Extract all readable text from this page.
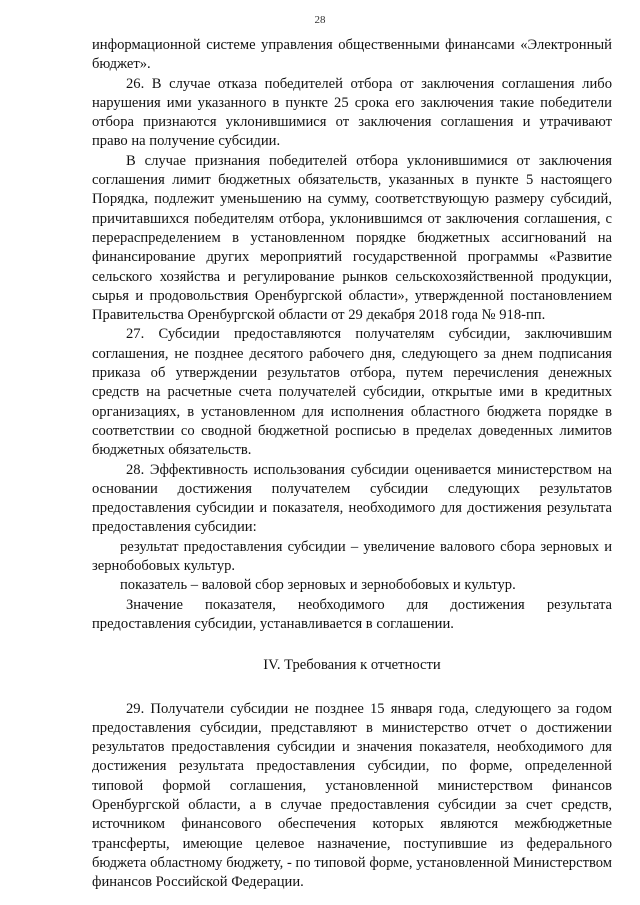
28

информационной системе управления общественными финансами «Электронный бюджет».

26. В случае отказа победителей отбора от заключения соглашения либо нарушения ими указанного в пункте 25 срока его заключения такие победители отбора признаются уклонившимися от заключения соглашения и утрачивают право на получение субсидии.

В случае признания победителей отбора уклонившимися от заключения соглашения лимит бюджетных обязательств, указанных в пункте 5 настоящего Порядка, подлежит уменьшению на сумму, соответствующую размеру субсидий, причитавшихся победителям отбора, уклонившимся от заключения соглашения, с перераспределением в установленном порядке бюджетных ассигнований на финансирование других мероприятий государственной программы «Развитие сельского хозяйства и регулирование рынков сельскохозяйственной продукции, сырья и продовольствия Оренбургской области», утвержденной постановлением Правительства Оренбургской области от 29 декабря 2018 года № 918-пп.

27. Субсидии предоставляются получателям субсидии, заключившим соглашения, не позднее десятого рабочего дня, следующего за днем подписания приказа об утверждении результатов отбора, путем перечисления денежных средств на расчетные счета получателей субсидии, открытые ими в кредитных организациях, в установленном для исполнения областного бюджета порядке в соответствии со сводной бюджетной росписью в пределах доведенных лимитов бюджетных обязательств.

28. Эффективность использования субсидии оценивается министерством на основании достижения получателем субсидии следующих результатов предоставления субсидии и показателя, необходимого для достижения результата предоставления субсидии:

результат предоставления субсидии – увеличение валового сбора зерновых и зернобобовых культур.

показатель – валовой сбор зерновых и зернобобовых и культур.

Значение показателя, необходимого для достижения результата предоставления субсидии, устанавливается в соглашении.

IV. Требования к отчетности

29. Получатели субсидии не позднее 15 января года, следующего за годом предоставления субсидии, представляют в министерство отчет о достижении результатов предоставления субсидии и значения показателя, необходимого для достижения результата предоставления субсидии, по форме, определенной типовой формой соглашения, установленной министерством финансов Оренбургской области, а в случае предоставления субсидии за счет средств, источником финансового обеспечения которых являются межбюджетные трансферты, имеющие целевое назначение, поступившие из федерального бюджета областному бюджету, - по типовой форме, установленной Министерством финансов Российской Федерации.
